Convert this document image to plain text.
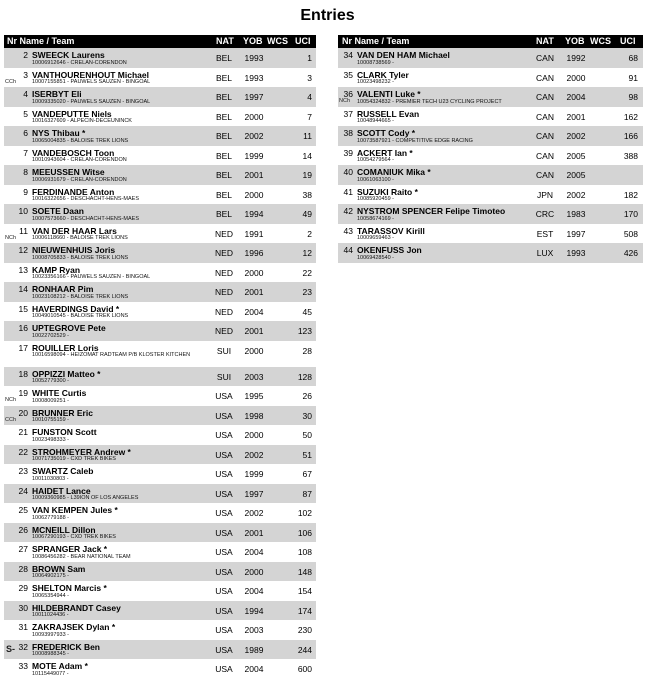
Entries
Nr Name / Team	NAT YOB WCS UCI
2 SWEECK Laurens
10006912646 - CRELAN-CORENDON	BEL	1993	1
CCh
3 VANTHOURENHOUT Michael
10007155851 - PAUWELS SAUZEN - BINGOAL	BEL	1993	3
4 ISERBYT Eli
10009335020 - PAUWELS SAUZEN - BINGOAL	BEL	1997	4
5 VANDEPUTTE Niels
10016327609 - ALPECIN-DECEUNINCK	BEL	2000	7
6 NYS Thibau *
10065004835 - BALOISE TREK LIONS	BEL	2002	11
7 VANDEBOSCH Toon
10010943604 - CRELAN-CORENDON	BEL	1999	14
8 MEEUSSEN Witse
10006931679 - CRELAN-CORENDON	BEL	2001	19
9 FERDINANDE Anton
10016322656 - DESCHACHT-HENS-MAES	BEL	2000	38
10 SOETE Daan
10007573660 - DESCHACHT-HENS-MAES	BEL	1994	49
NCh
11 VAN DER HAAR Lars
10006118660 - BALOISE TREK LIONS	NED	1991	2
12 NIEUWENHUIS Joris
10008705833 - BALOISE TREK LIONS	NED	1996	12
13 KAMP Ryan
10023356166 - PAUWELS SAUZEN - BINGOAL	NED	2000	22
14 RONHAAR Pim
10023108212 - BALOISE TREK LIONS	NED	2001	23
15 HAVERDINGS David *
10049010545 - BALOISE TREK LIONS	NED	2004	45
16 UPTEGROVE Pete
10022702529 -	NED	2001	123
17 ROUILLER Loris
10016598094 - HEIZOMAT RADTEAM P/B KLOSTER KITCHEN	SUI	2000	28
18 OPPIZZI Matteo *
10052779300 -	SUI	2003	128
NCh
19 WHITE Curtis
10008009251 -	USA	1995	26
CCh
20 BRUNNER Eric
10010755159 -	USA	1998	30
21 FUNSTON Scott
10023498333 -	USA	2000	50
22 STROHMEYER Andrew *
10071735019 - CXD TREK BIKES	USA	2002	51
23 SWARTZ Caleb
10011030803 -	USA	1999	67
24 HAIDET Lance
10009360985 - L39ION OF LOS ANGELES	USA	1997	87
25 VAN KEMPEN Jules *
10062779188 -	USA	2002	102
26 MCNEILL Dillon
10067290193 - CXD TREK BIKES	USA	2001	106
27 SPRANGER Jack *
10086456282 - BEAR NATIONAL TEAM	USA	2004	108
28 BROWN Sam
10064902175 -	USA	2000	148
29 SHELTON Marcis *
10065354944 -	USA	2004	154
30 HILDEBRANDT Casey
10011024436 -	USA	1994	174
31 ZAKRAJSEK Dylan *
10093997933 -	USA	2003	230
S- 32 FREDERICK Ben
10008988345 -	USA	1989	244
33 MOTE Adam *
10115449077 -	USA	2004	600
Nr Name / Team	NAT YOB WCS UCI
34 VAN DEN HAM Michael
10008738569 -	CAN	1992	68
35 CLARK Tyler
10023498232 -	CAN	2000	91
NCh
36 VALENTI Luke *
10054324832 - PREMIER TECH U23 CYCLING PROJECT	CAN	2004	98
37 RUSSELL Evan
10048944665 -	CAN	2001	162
38 SCOTT Cody *
10073587921 - COMPETITIVE EDGE RACING	CAN	2002	166
39 ACKERT Ian *
10054279564 -	CAN	2005	388
40 COMANIUK Mika *
10061063100 -	CAN	2005
41 SUZUKI Raito *
10085920459 -	JPN	2002	182
42 NYSTROM SPENCER Felipe Timoteo
10058674169 -	CRC	1983	170
43 TARASSOV Kirill
10009659463 -	EST	1997	508
44 OKENFUSS Jon
10069428540 -	LUX	1993	426
